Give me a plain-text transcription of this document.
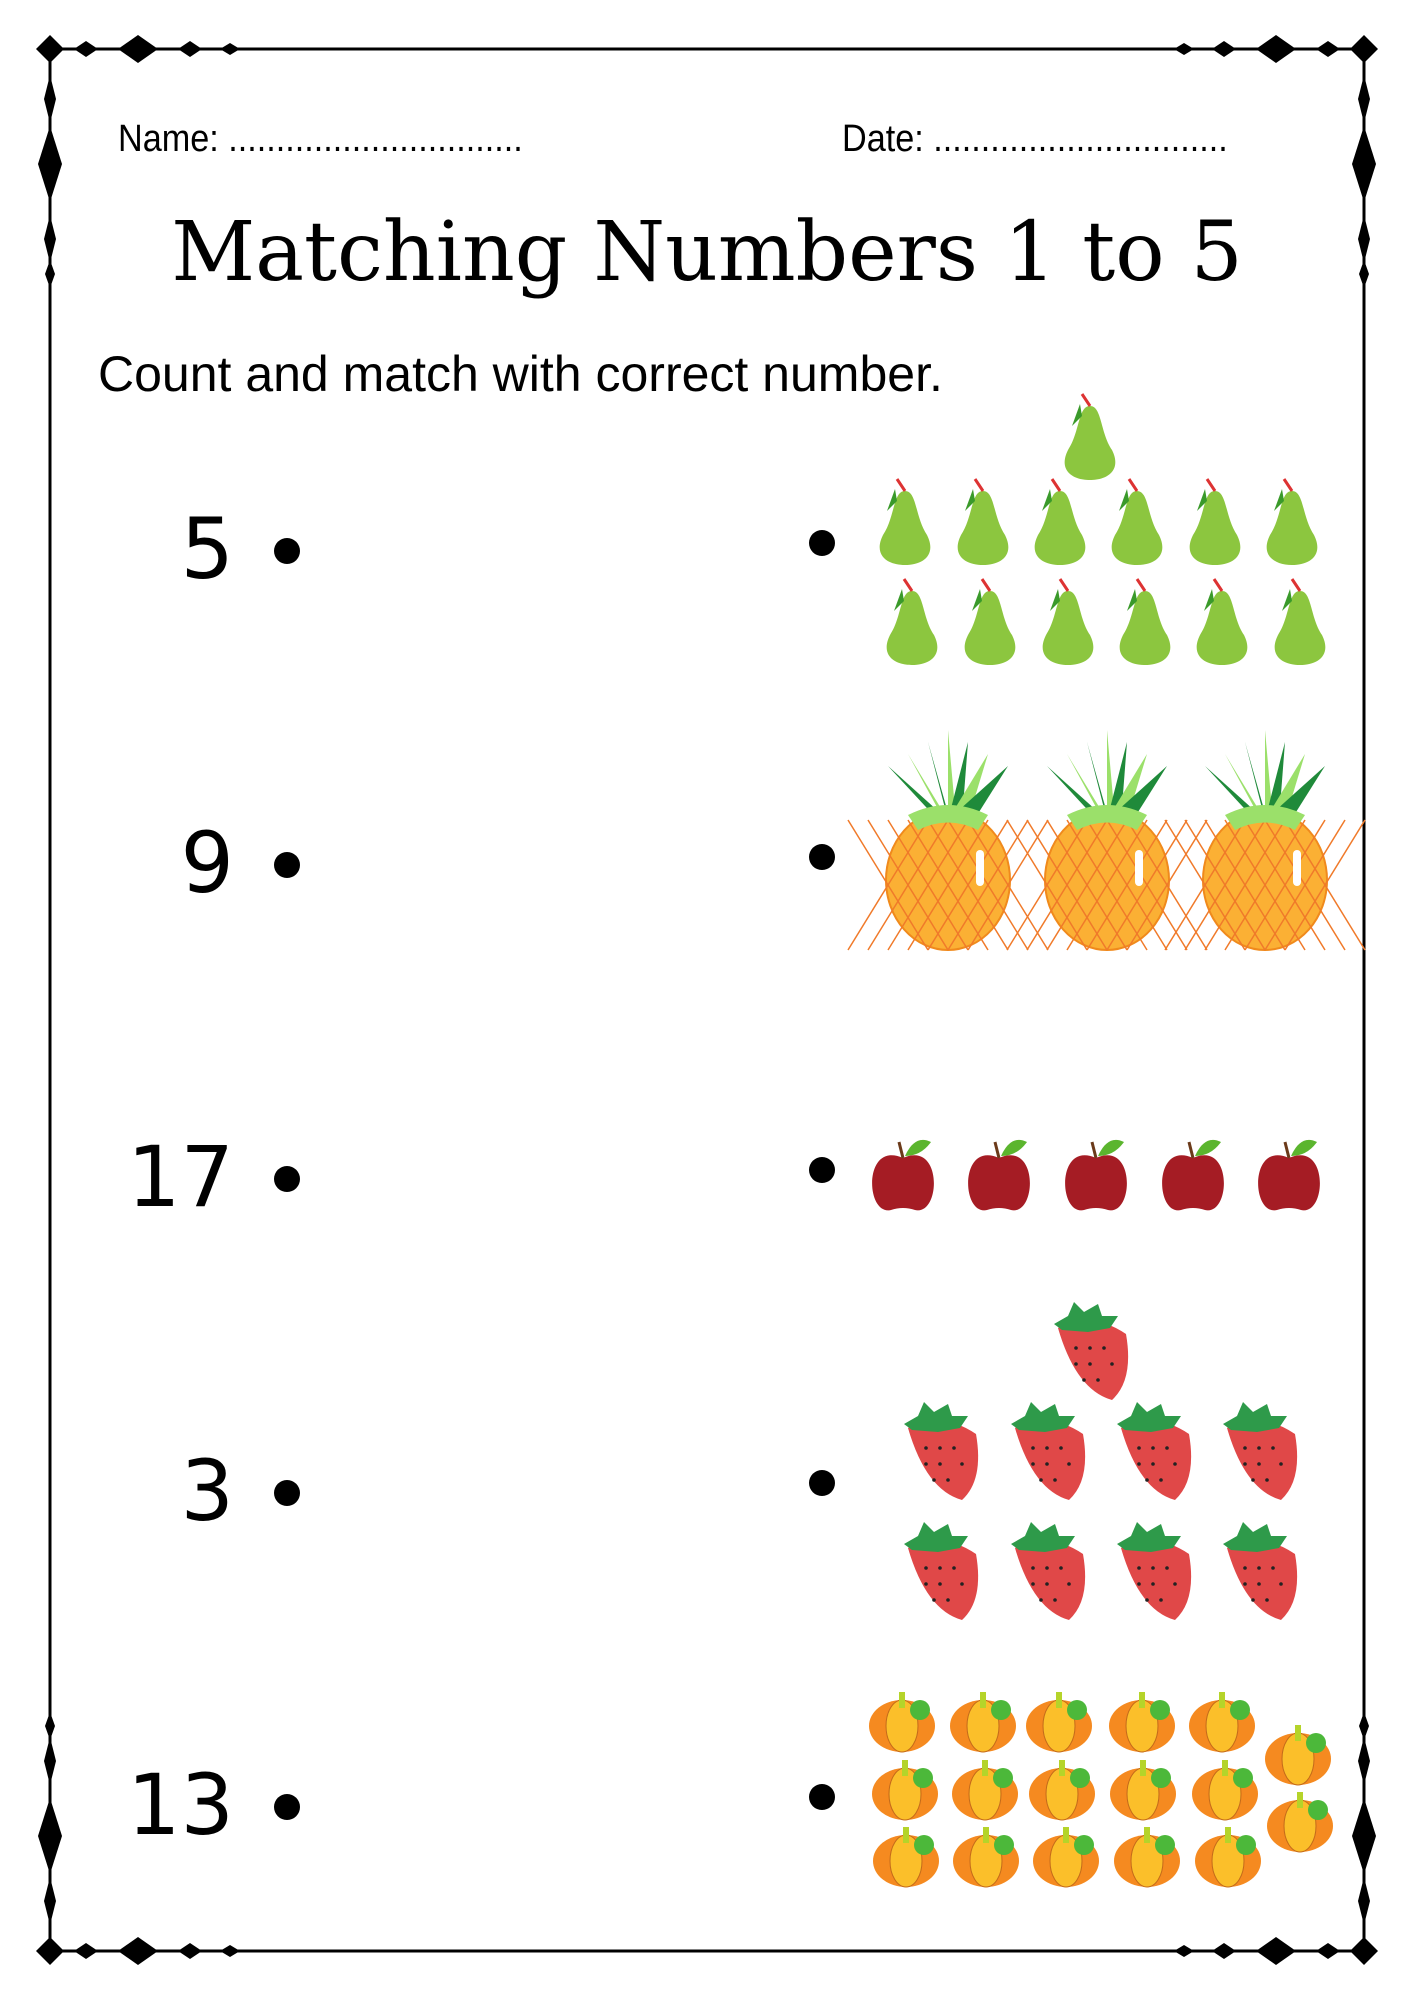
Name: ...............................	Date: ...............................
Matching Numbers 1 to 5
Count and match with correct number.
5
9
17
3
13
